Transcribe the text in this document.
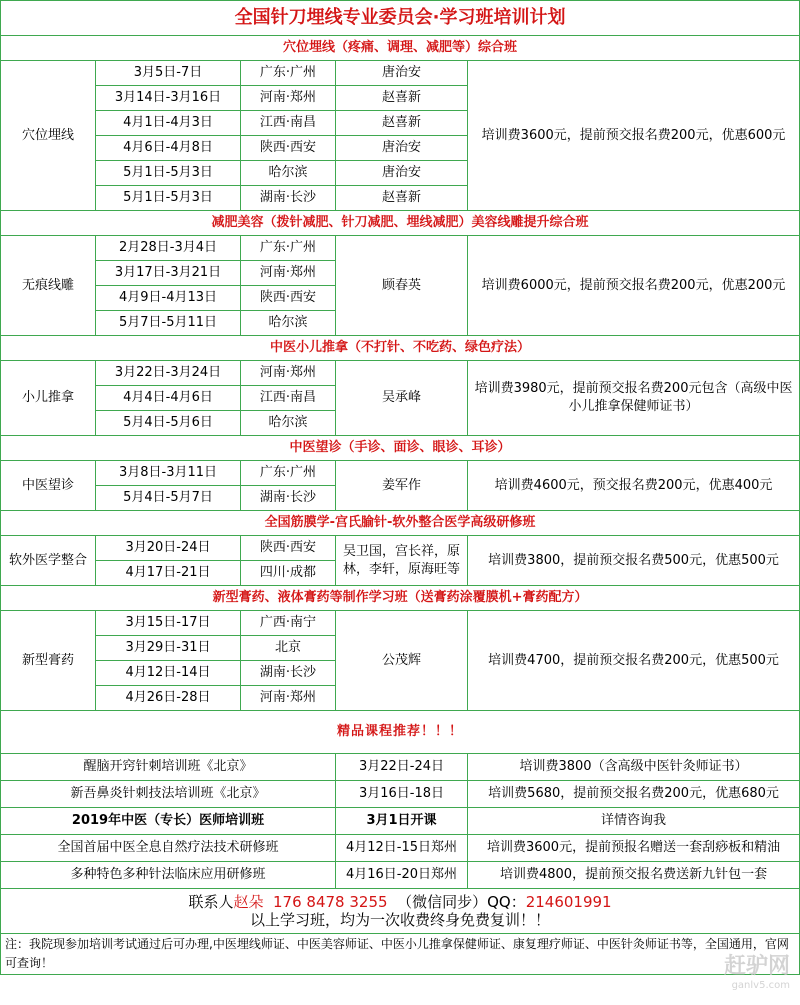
全国针刀埋线专业委员会·学习班培训计划				
穴位埋线（疼痛、调理、减肥等）综合班				
穴位埋线	3月5日-7日	广东·广州	唐治安	培训费3600元，提前预交报名费200元，优惠600元
	3月14日-3月16日	河南·郑州	赵喜新	
	4月1日-4月3日	江西·南昌	赵喜新	
	4月6日-4月8日	陕西·西安	唐治安	
	5月1日-5月3日	哈尔滨	唐治安	
	5月1日-5月3日	湖南·长沙	赵喜新	
减肥美容（拨针减肥、针刀减肥、埋线减肥）美容线雕提升综合班				
无痕线雕	2月28日-3月4日	广东·广州	顾春英	培训费6000元，提前预交报名费200元，优惠200元
	3月17日-3月21日	河南·郑州		
	4月9日-4月13日	陕西·西安		
	5月7日-5月11日	哈尔滨		
中医小儿推拿（不打针、不吃药、绿色疗法）				
小儿推拿	3月22日-3月24日	河南·郑州	吴承峰	培训费3980元，提前预交报名费200元包含（高级中医小儿推拿保健师证书）
	4月4日-4月6日	江西·南昌		
	5月4日-5月6日	哈尔滨		
中医望诊（手诊、面诊、眼诊、耳诊）				
中医望诊	3月8日-3月11日	广东·广州	姜军作	培训费4600元，预交报名费200元，优惠400元
	5月4日-5月7日	湖南·长沙		
全国筋膜学-宫氏腧针-软外整合医学高级研修班				
软外医学整合	3月20日-24日	陕西·西安	吴卫国，宫长祥，原林，李轩，原海旺等	培训费3800，提前预交报名费500元，优惠500元
	4月17日-21日	四川·成都		
新型膏药、液体膏药等制作学习班（送膏药涂覆膜机+膏药配方）				
新型膏药	3月15日-17日	广西·南宁	公茂辉	培训费4700，提前预交报名费200元，优惠500元
	3月29日-31日	北京		
	4月12日-14日	湖南·长沙		
	4月26日-28日	河南·郑州		
精品课程推荐！！！				
醒脑开窍针刺培训班《北京》			3月22日-24日	培训费3800（含高级中医针灸师证书）
新吾鼻炎针刺技法培训班《北京》			3月16日-18日	培训费5680，提前预交报名费200元，优惠680元
2019年中医（专长）医师培训班			3月1日开课	详情咨询我
全国首届中医全息自然疗法技术研修班			4月12日-15日郑州	培训费3600元，提前预报名赠送一套刮痧板和精油
多种特色多种针法临床应用研修班			4月16日-20日郑州	培训费4800，提前预交报名费送新九针包一套

联系人赵朵 176 8478 3255 （微信同步）QQ：214601991
以上学习班，均为一次收费终身免费复训！！				

注：我院现参加培训考试通过后可办理,中医埋线师证、中医美容师证、中医小儿推拿保健师证、康复理疗师证、中医针灸师证书等，全国通用，官网可查询！					赶驴网
ganlv5.com
